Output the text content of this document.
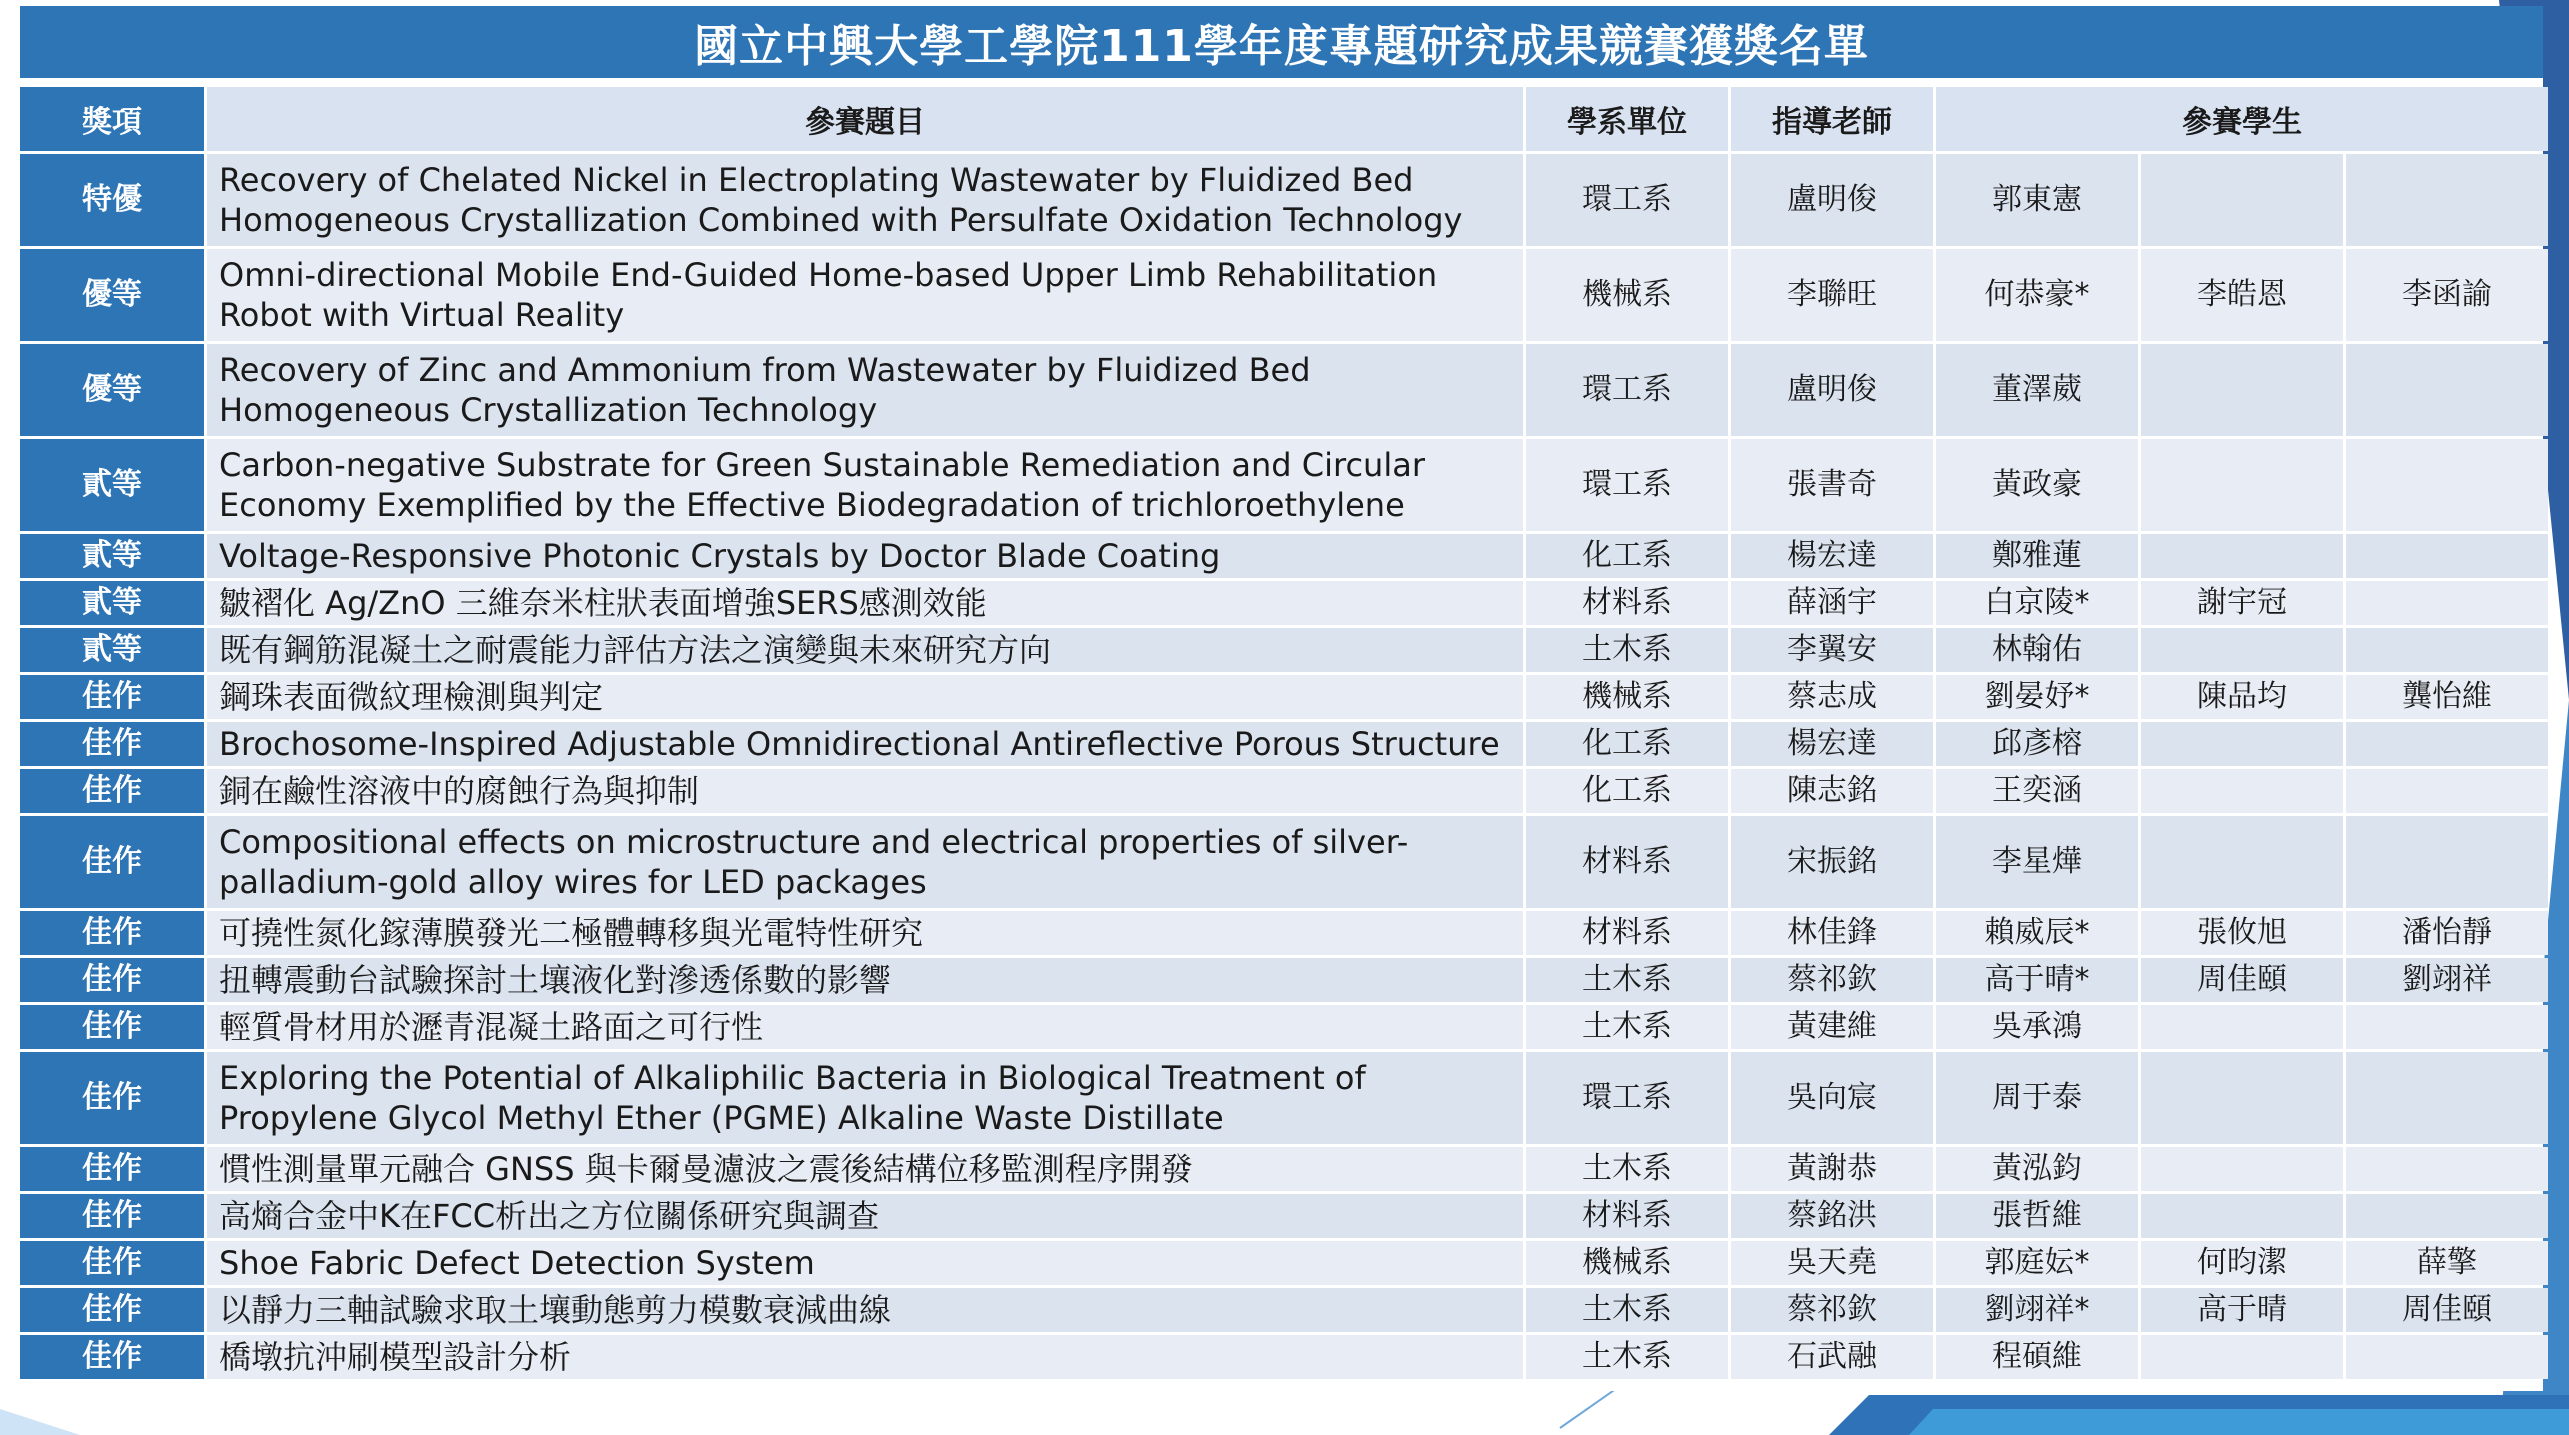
國立中興大學工學院111學年度專題研究成果競賽獲獎名單
獎項	參賽題目	學系單位	指導老師	參賽學生		
特優	Recovery of Chelated Nickel in Electroplating Wastewater by Fluidized Bed Homogeneous Crystallization Combined with Persulfate Oxidation Technology	環工系	盧明俊	郭東憲		
優等	Omni-directional Mobile End-Guided Home-based Upper Limb Rehabilitation Robot with Virtual Reality	機械系	李聯旺	何恭豪*	李皓恩	李函諭
優等	Recovery of Zinc and Ammonium from Wastewater by Fluidized Bed Homogeneous Crystallization Technology	環工系	盧明俊	董澤葳		
貳等	Carbon-negative Substrate for Green Sustainable Remediation and Circular Economy Exemplified by the Effective Biodegradation of trichloroethylene	環工系	張書奇	黃政豪		
貳等	Voltage-Responsive Photonic Crystals by Doctor Blade Coating	化工系	楊宏達	鄭雅蓮		
貳等	皺褶化 Ag/ZnO 三維奈米柱狀表面增強SERS感測效能	材料系	薛涵宇	白京陵*	謝宇冠	
貳等	既有鋼筋混凝土之耐震能力評估方法之演變與未來研究方向	土木系	李翼安	林翰佑		
佳作	鋼珠表面微紋理檢測與判定	機械系	蔡志成	劉晏妤*	陳品均	龔怡維
佳作	Brochosome-Inspired Adjustable Omnidirectional Antireflective Porous Structure	化工系	楊宏達	邱彥榕		
佳作	銅在鹼性溶液中的腐蝕行為與抑制	化工系	陳志銘	王奕涵		
佳作	Compositional effects on microstructure and electrical properties of silver-palladium-gold alloy wires for LED packages	材料系	宋振銘	李星燁		
佳作	可撓性氮化鎵薄膜發光二極體轉移與光電特性研究	材料系	林佳鋒	賴威辰*	張攸旭	潘怡靜
佳作	扭轉震動台試驗探討土壤液化對滲透係數的影響	土木系	蔡祁欽	高于晴*	周佳頤	劉翊祥
佳作	輕質骨材用於瀝青混凝土路面之可行性	土木系	黃建維	吳承鴻		
佳作	Exploring the Potential of Alkaliphilic Bacteria in Biological Treatment of Propylene Glycol Methyl Ether (PGME) Alkaline Waste Distillate	環工系	吳向宸	周于泰		
佳作	慣性測量單元融合 GNSS 與卡爾曼濾波之震後結構位移監測程序開發	土木系	黃謝恭	黃泓鈞		
佳作	高熵合金中K在FCC析出之方位關係研究與調查	材料系	蔡銘洪	張哲維		
佳作	Shoe Fabric Defect Detection System	機械系	吳天堯	郭庭妘*	何昀潔	薛擎
佳作	以靜力三軸試驗求取土壤動態剪力模數衰減曲線	土木系	蔡祁欽	劉翊祥*	高于晴	周佳頤
佳作	橋墩抗沖刷模型設計分析	土木系	石武融	程碩維		
